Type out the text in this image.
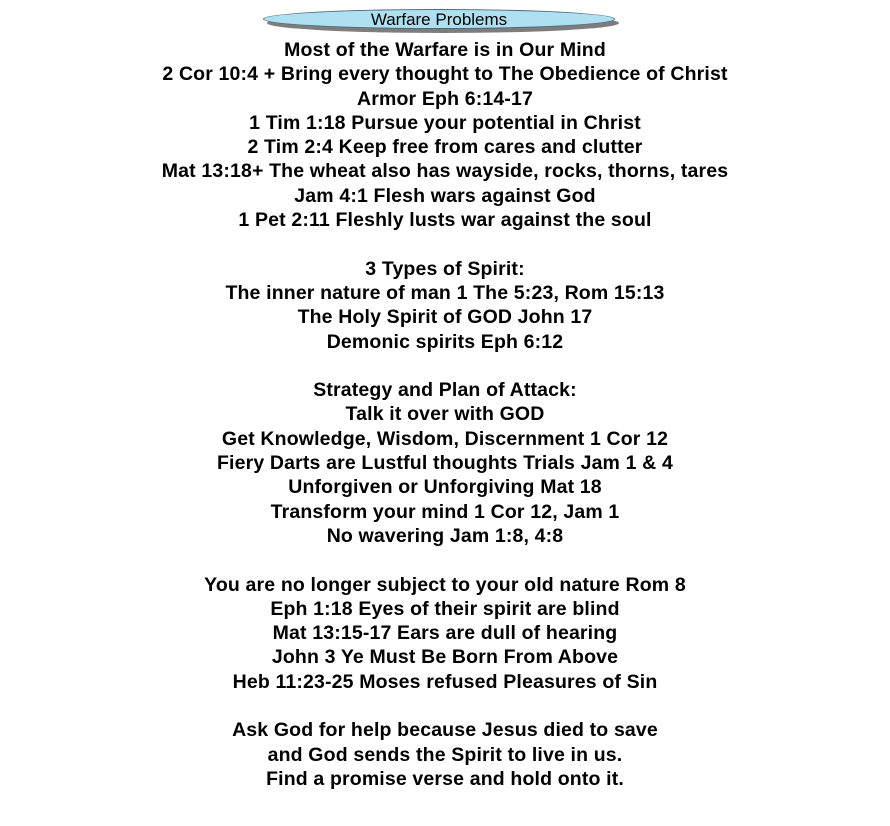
Warfare Problems
Most of the Warfare is in Our Mind
2 Cor 10:4 + Bring every thought to The Obedience of Christ
Armor Eph 6:14-17
1 Tim 1:18 Pursue your potential in Christ
2 Tim 2:4 Keep free from cares and clutter
Mat 13:18+ The wheat also has wayside, rocks, thorns, tares
Jam 4:1 Flesh wars against God
1 Pet 2:11 Fleshly lusts war against the soul
3 Types of Spirit:
The inner nature of man 1 The 5:23, Rom 15:13
The Holy Spirit of GOD John 17
Demonic spirits Eph 6:12
Strategy and Plan of Attack:
Talk it over with GOD
Get Knowledge, Wisdom, Discernment 1 Cor 12
Fiery Darts are Lustful thoughts Trials Jam 1 & 4
Unforgiven or Unforgiving Mat 18
Transform your mind 1 Cor 12, Jam 1
No wavering Jam 1:8, 4:8
You are no longer subject to your old nature Rom 8
Eph 1:18 Eyes of their spirit are blind
Mat 13:15-17 Ears are dull of hearing
John 3 Ye Must Be Born From Above
Heb 11:23-25 Moses refused Pleasures of Sin
Ask God for help because Jesus died to save
and God sends the Spirit to live in us.
Find a promise verse and hold onto it.
